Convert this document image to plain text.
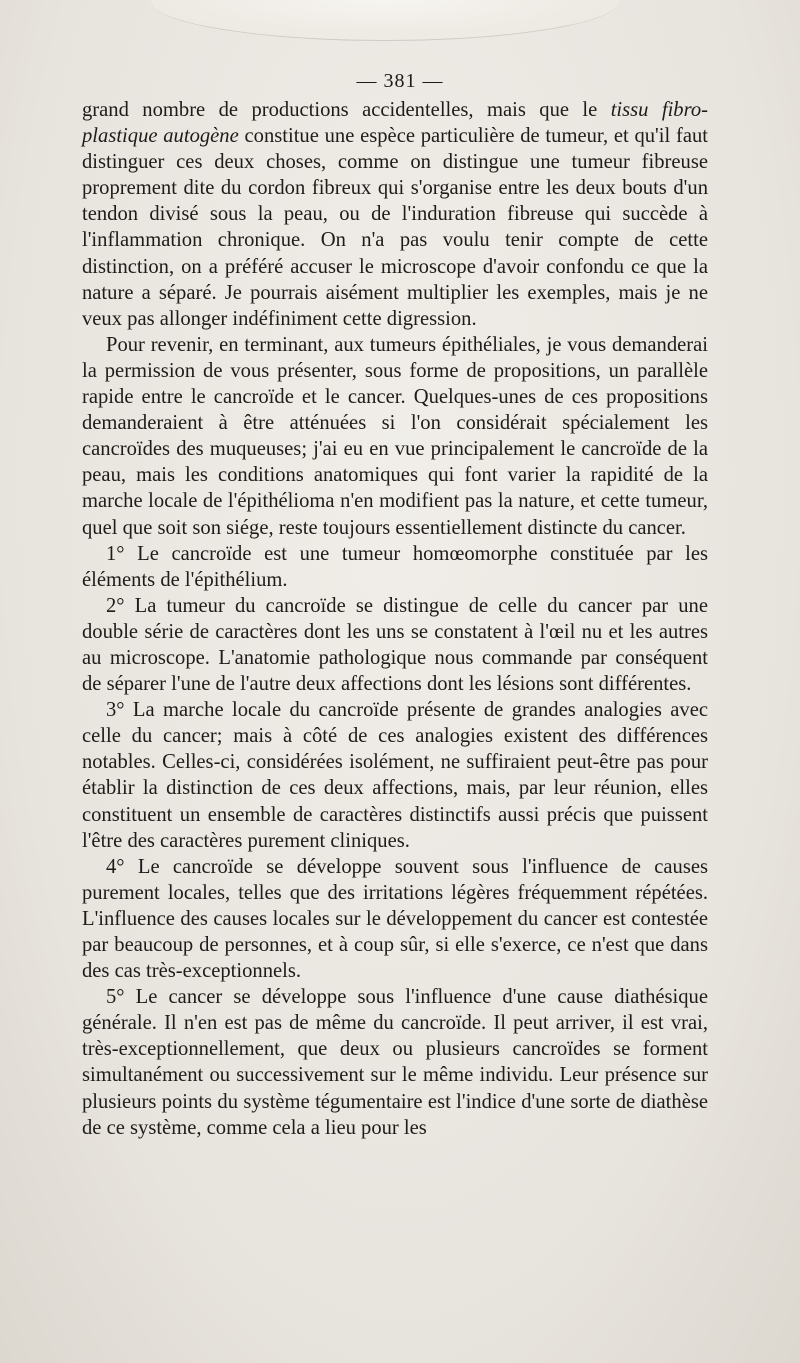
— 381 —

grand nombre de productions accidentelles, mais que le tissu fibro-plastique autogène constitue une espèce particulière de tumeur, et qu'il faut distinguer ces deux choses, comme on distingue une tumeur fibreuse proprement dite du cordon fibreux qui s'organise entre les deux bouts d'un tendon divisé sous la peau, ou de l'induration fibreuse qui succède à l'inflammation chronique. On n'a pas voulu tenir compte de cette distinction, on a préféré accuser le microscope d'avoir confondu ce que la nature a séparé. Je pourrais aisément multiplier les exemples, mais je ne veux pas allonger indéfiniment cette digression.

Pour revenir, en terminant, aux tumeurs épithéliales, je vous demanderai la permission de vous présenter, sous forme de propositions, un parallèle rapide entre le cancroïde et le cancer. Quelques-unes de ces propositions demanderaient à être atténuées si l'on considérait spécialement les cancroïdes des muqueuses; j'ai eu en vue principalement le cancroïde de la peau, mais les conditions anatomiques qui font varier la rapidité de la marche locale de l'épithélioma n'en modifient pas la nature, et cette tumeur, quel que soit son siége, reste toujours essentiellement distincte du cancer.

1° Le cancroïde est une tumeur homœomorphe constituée par les éléments de l'épithélium.

2° La tumeur du cancroïde se distingue de celle du cancer par une double série de caractères dont les uns se constatent à l'œil nu et les autres au microscope. L'anatomie pathologique nous commande par conséquent de séparer l'une de l'autre deux affections dont les lésions sont différentes.

3° La marche locale du cancroïde présente de grandes analogies avec celle du cancer; mais à côté de ces analogies existent des différences notables. Celles-ci, considérées isolément, ne suffiraient peut-être pas pour établir la distinction de ces deux affections, mais, par leur réunion, elles constituent un ensemble de caractères distinctifs aussi précis que puissent l'être des caractères purement cliniques.

4° Le cancroïde se développe souvent sous l'influence de causes purement locales, telles que des irritations légères fréquemment répétées. L'influence des causes locales sur le développement du cancer est contestée par beaucoup de personnes, et à coup sûr, si elle s'exerce, ce n'est que dans des cas très-exceptionnels.

5° Le cancer se développe sous l'influence d'une cause diathésique générale. Il n'en est pas de même du cancroïde. Il peut arriver, il est vrai, très-exceptionnellement, que deux ou plusieurs cancroïdes se forment simultanément ou successivement sur le même individu. Leur présence sur plusieurs points du système tégumentaire est l'indice d'une sorte de diathèse de ce système, comme cela a lieu pour les
